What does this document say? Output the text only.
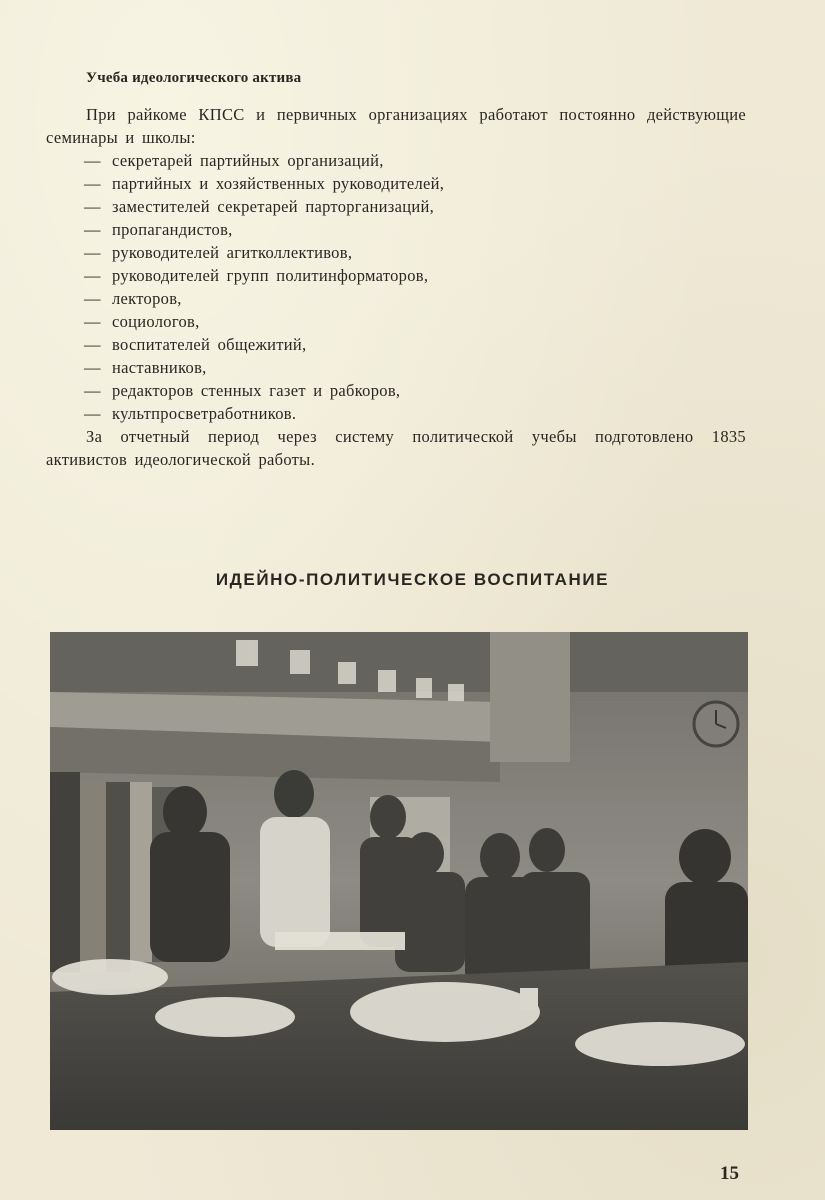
Учеба идеологического актива

При райкоме КПСС и первичных организациях работают постоянно действующие семинары и школы:

— секретарей партийных организаций,
— партийных и хозяйственных руководителей,
— заместителей секретарей парторганизаций,
— пропагандистов,
— руководителей агитколлективов,
— руководителей групп политинформаторов,
— лекторов,
— социологов,
— воспитателей общежитий,
— наставников,
— редакторов стенных газет и рабкоров,
— культпросветработников.

За отчетный период через систему политической учебы подготовлено 1835 активистов идеологической работы.

ИДЕЙНО-ПОЛИТИЧЕСКОЕ ВОСПИТАНИЕ

15
